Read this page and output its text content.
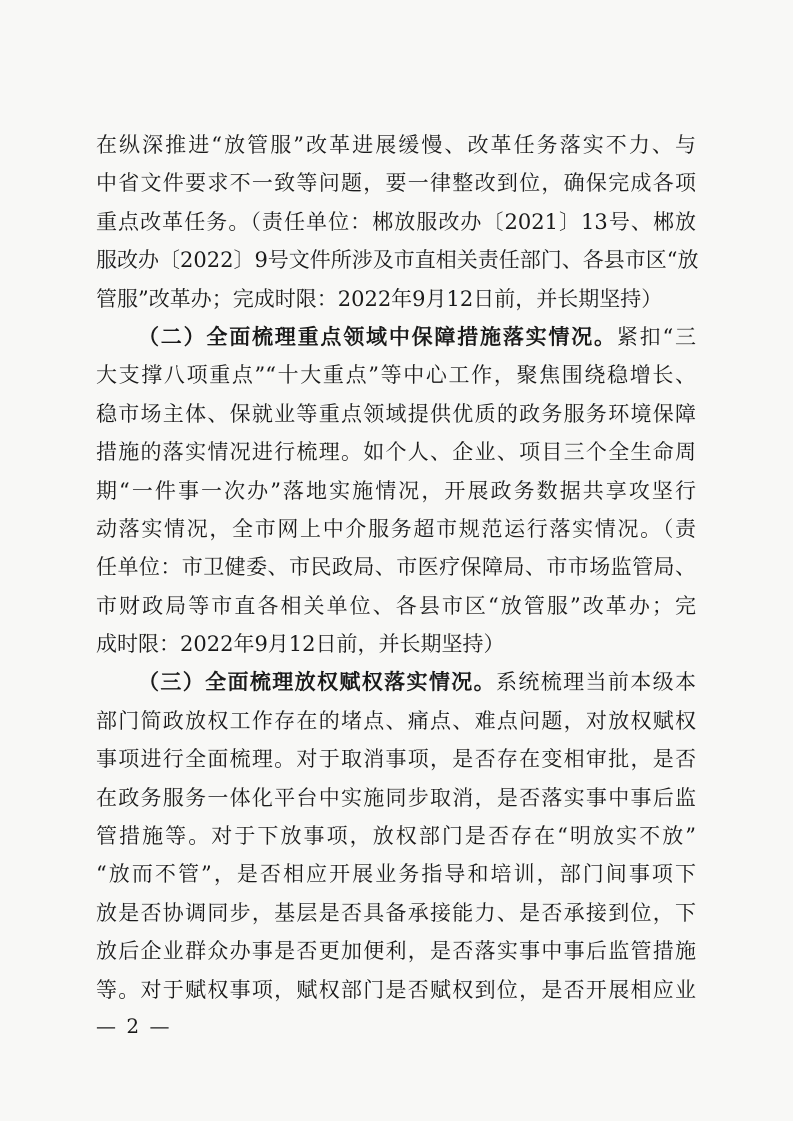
在纵深推进“放管服”改革进展缓慢、改革任务落实不力、与
中省文件要求不一致等问题，要一律整改到位，确保完成各项
重点改革任务。（责任单位：郴放服改办〔2021〕13号、郴放
服改办〔2022〕9号文件所涉及市直相关责任部门、各县市区“放
管服”改革办；完成时限：2022年9月12日前，并长期坚持）
（二）全面梳理重点领域中保障措施落实情况。紧扣“三
大支撑八项重点”“十大重点”等中心工作，聚焦围绕稳增长、
稳市场主体、保就业等重点领域提供优质的政务服务环境保障
措施的落实情况进行梳理。如个人、企业、项目三个全生命周
期“一件事一次办”落地实施情况，开展政务数据共享攻坚行
动落实情况，全市网上中介服务超市规范运行落实情况。（责
任单位：市卫健委、市民政局、市医疗保障局、市市场监管局、
市财政局等市直各相关单位、各县市区“放管服”改革办；完
成时限：2022年9月12日前，并长期坚持）
（三）全面梳理放权赋权落实情况。系统梳理当前本级本
部门简政放权工作存在的堵点、痛点、难点问题，对放权赋权
事项进行全面梳理。对于取消事项，是否存在变相审批，是否
在政务服务一体化平台中实施同步取消，是否落实事中事后监
管措施等。对于下放事项，放权部门是否存在“明放实不放”
“放而不管”，是否相应开展业务指导和培训，部门间事项下
放是否协调同步，基层是否具备承接能力、是否承接到位，下
放后企业群众办事是否更加便利，是否落实事中事后监管措施
等。对于赋权事项，赋权部门是否赋权到位，是否开展相应业
— 2 —
